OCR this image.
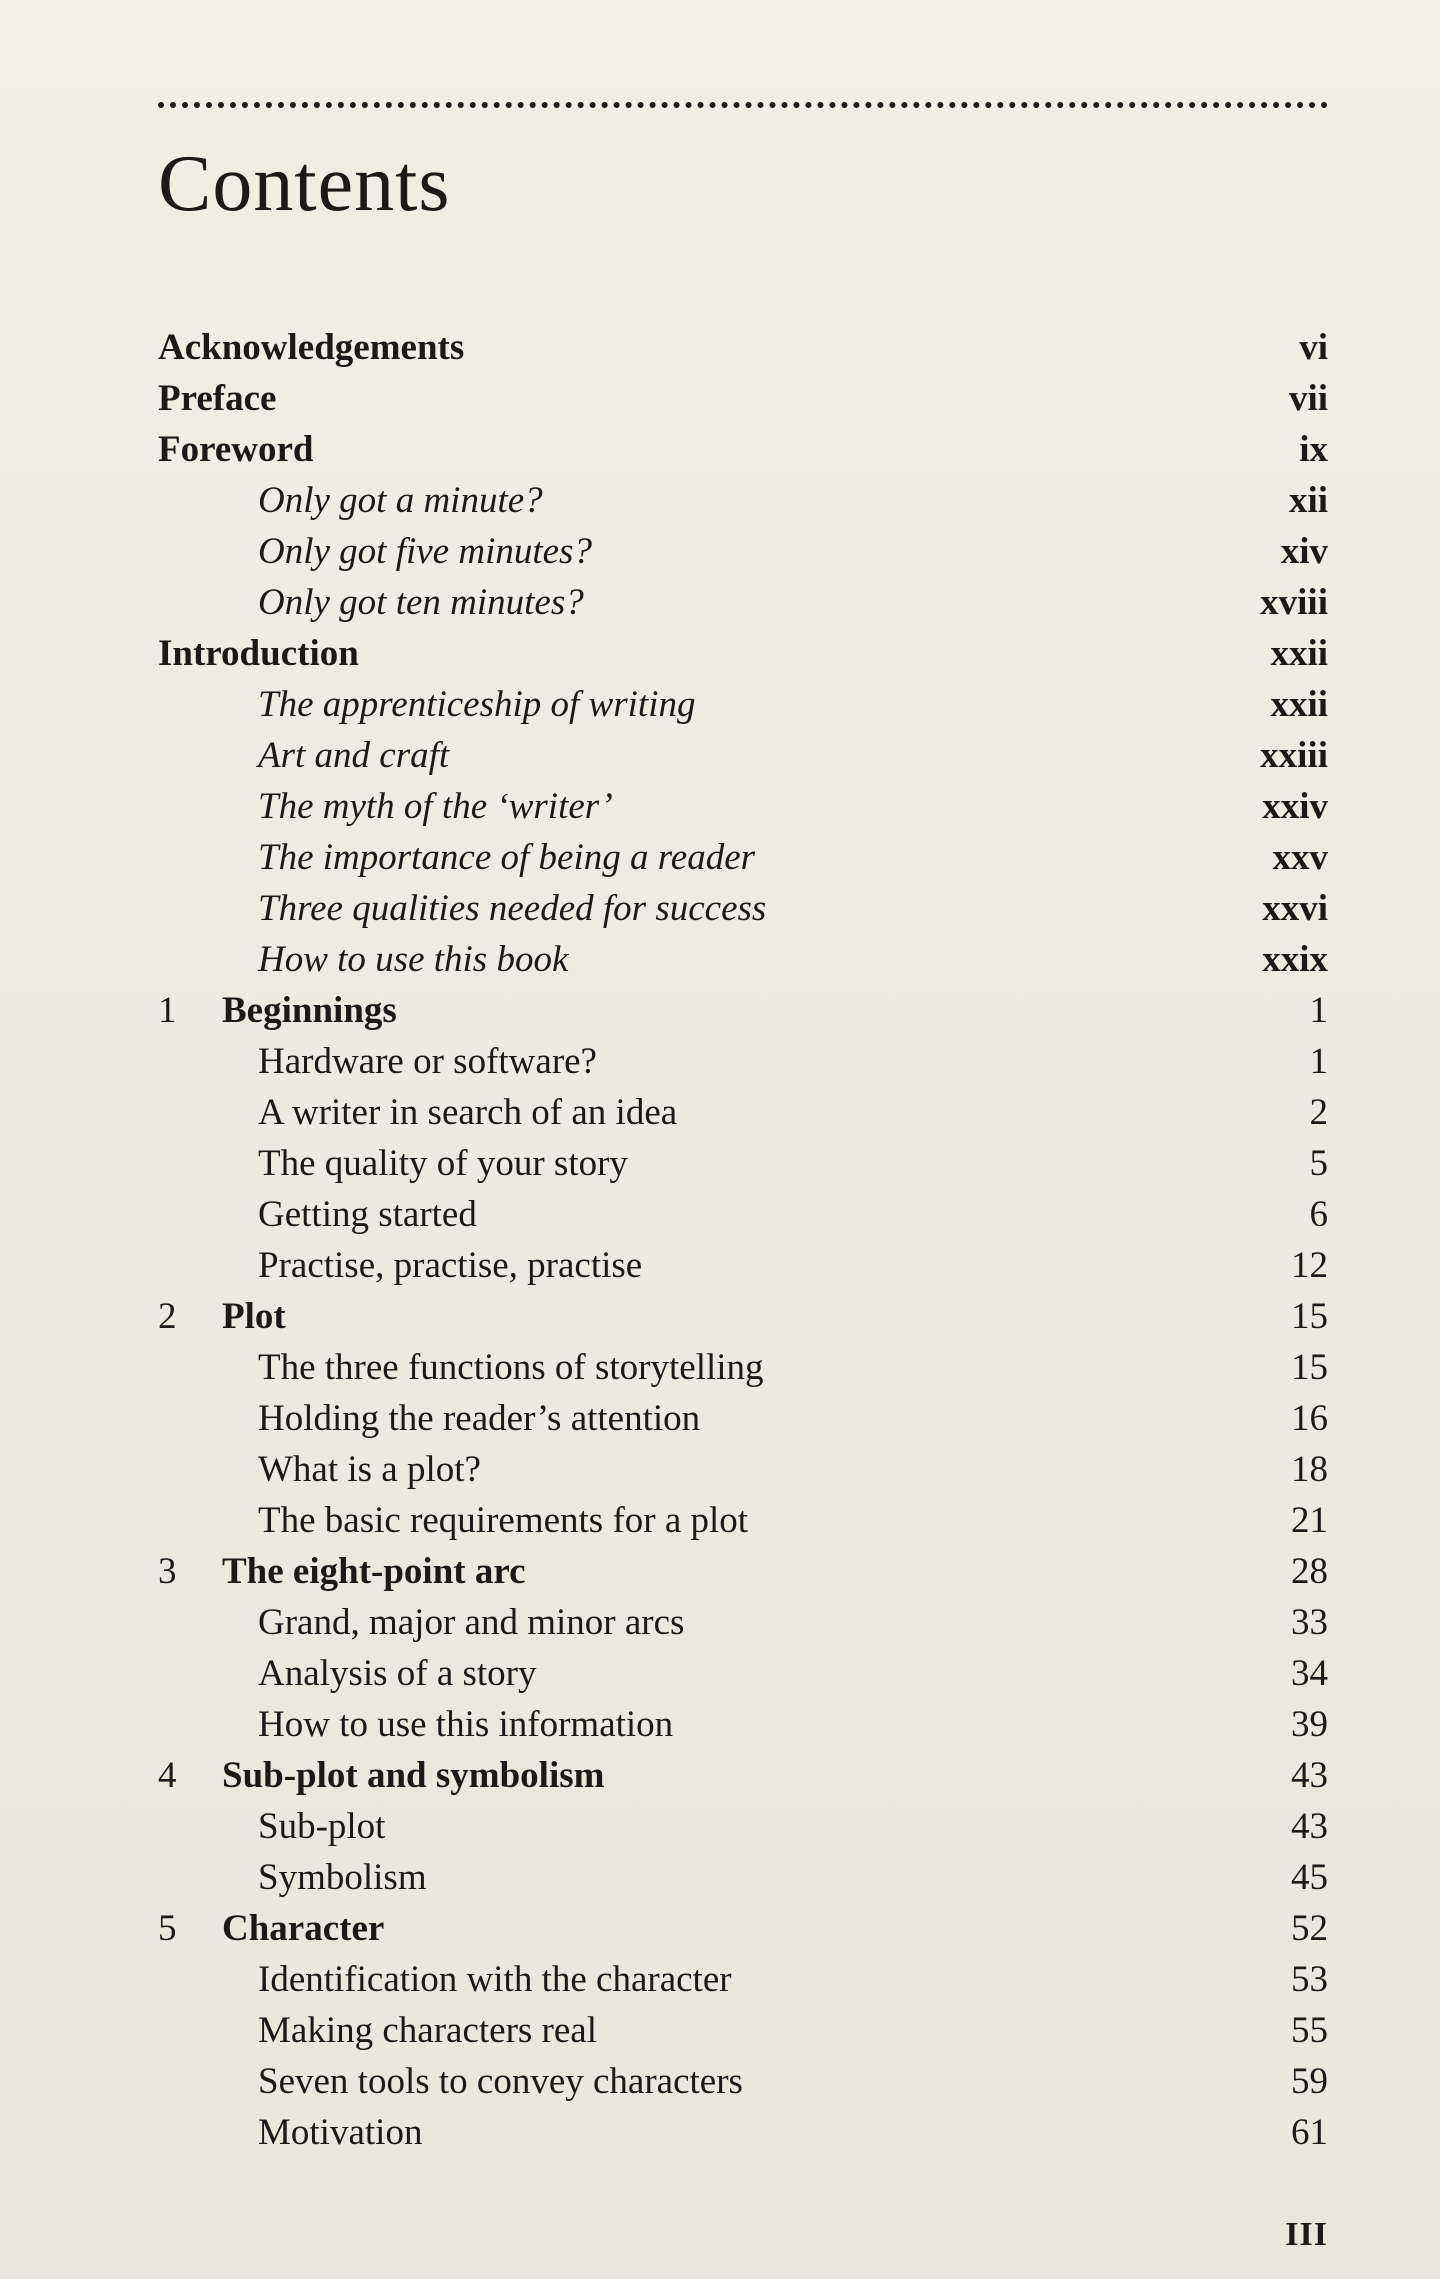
Contents
Acknowledgements	vi
Preface	vii
Foreword	ix
Only got a minute?	xii
Only got five minutes?	xiv
Only got ten minutes?	xviii
Introduction	xxii
The apprenticeship of writing	xxii
Art and craft	xxiii
The myth of the ‘writer’	xxiv
The importance of being a reader	xxv
Three qualities needed for success	xxvi
How to use this book	xxix
1 Beginnings	1
Hardware or software?	1
A writer in search of an idea	2
The quality of your story	5
Getting started	6
Practise, practise, practise	12
2 Plot	15
The three functions of storytelling	15
Holding the reader’s attention	16
What is a plot?	18
The basic requirements for a plot	21
3 The eight-point arc	28
Grand, major and minor arcs	33
Analysis of a story	34
How to use this information	39
4 Sub-plot and symbolism	43
Sub-plot	43
Symbolism	45
5 Character	52
Identification with the character	53
Making characters real	55
Seven tools to convey characters	59
Motivation	61
III
